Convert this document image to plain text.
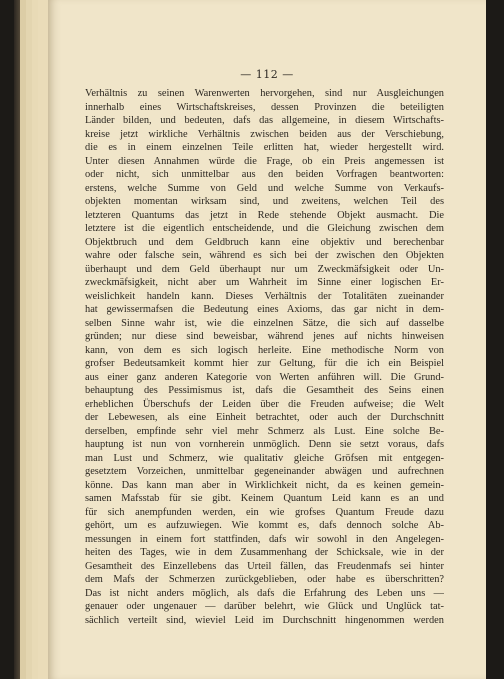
— 112 —
Verhältnis zu seinen Warenwerten hervorgehen, sind nur Ausgleichungen
innerhalb eines Wirtschaftskreises, dessen Provinzen die beteiligten
Länder bilden, und bedeuten, dafs das allgemeine, in diesem Wirtschafts-
kreise jetzt wirkliche Verhältnis zwischen beiden aus der Verschiebung,
die es in einem einzelnen Teile erlitten hat, wieder hergestellt wird.
Unter diesen Annahmen würde die Frage, ob ein Preis angemessen ist
oder nicht, sich unmittelbar aus den beiden Vorfragen beantworten:
erstens, welche Summe von Geld und welche Summe von Verkaufs-
objekten momentan wirksam sind, und zweitens, welchen Teil des
letzteren Quantums das jetzt in Rede stehende Objekt ausmacht. Die
letztere ist die eigentlich entscheidende, und die Gleichung zwischen dem
Objektbruch und dem Geldbruch kann eine objektiv und berechenbar
wahre oder falsche sein, während es sich bei der zwischen den Objekten
überhaupt und dem Geld überhaupt nur um Zweckmäfsigkeit oder Un-
zweckmäfsigkeit, nicht aber um Wahrheit im Sinne einer logischen Er-
weislichkeit handeln kann. Dieses Verhältnis der Totalitäten zueinander
hat gewissermafsen die Bedeutung eines Axioms, das gar nicht in dem-
selben Sinne wahr ist, wie die einzelnen Sätze, die sich auf dasselbe
gründen; nur diese sind beweisbar, während jenes auf nichts hinweisen
kann, von dem es sich logisch herleite. Eine methodische Norm von
grofser Bedeutsamkeit kommt hier zur Geltung, für die ich ein Beispiel
aus einer ganz anderen Kategorie von Werten anführen will. Die Grund-
behauptung des Pessimismus ist, dafs die Gesamtheit des Seins einen
erheblichen Überschufs der Leiden über die Freuden aufweise; die Welt
der Lebewesen, als eine Einheit betrachtet, oder auch der Durchschnitt
derselben, empfinde sehr viel mehr Schmerz als Lust. Eine solche Be-
hauptung ist nun von vornherein unmöglich. Denn sie setzt voraus, dafs
man Lust und Schmerz, wie qualitativ gleiche Gröfsen mit entgegen-
gesetztem Vorzeichen, unmittelbar gegeneinander abwägen und aufrechnen
könne. Das kann man aber in Wirklichkeit nicht, da es keinen gemein-
samen Mafsstab für sie gibt. Keinem Quantum Leid kann es an und
für sich anempfunden werden, ein wie grofses Quantum Freude dazu
gehört, um es aufzuwiegen. Wie kommt es, dafs dennoch solche Ab-
messungen in einem fort stattfinden, dafs wir sowohl in den Angelegen-
heiten des Tages, wie in dem Zusammenhang der Schicksale, wie in der
Gesamtheit des Einzellebens das Urteil fällen, das Freudenmafs sei hinter
dem Mafs der Schmerzen zurückgeblieben, oder habe es überschritten?
Das ist nicht anders möglich, als dafs die Erfahrung des Leben uns —
genauer oder ungenauer — darüber belehrt, wie Glück und Unglück tat-
sächlich verteilt sind, wieviel Leid im Durchschnitt hingenommen werden
